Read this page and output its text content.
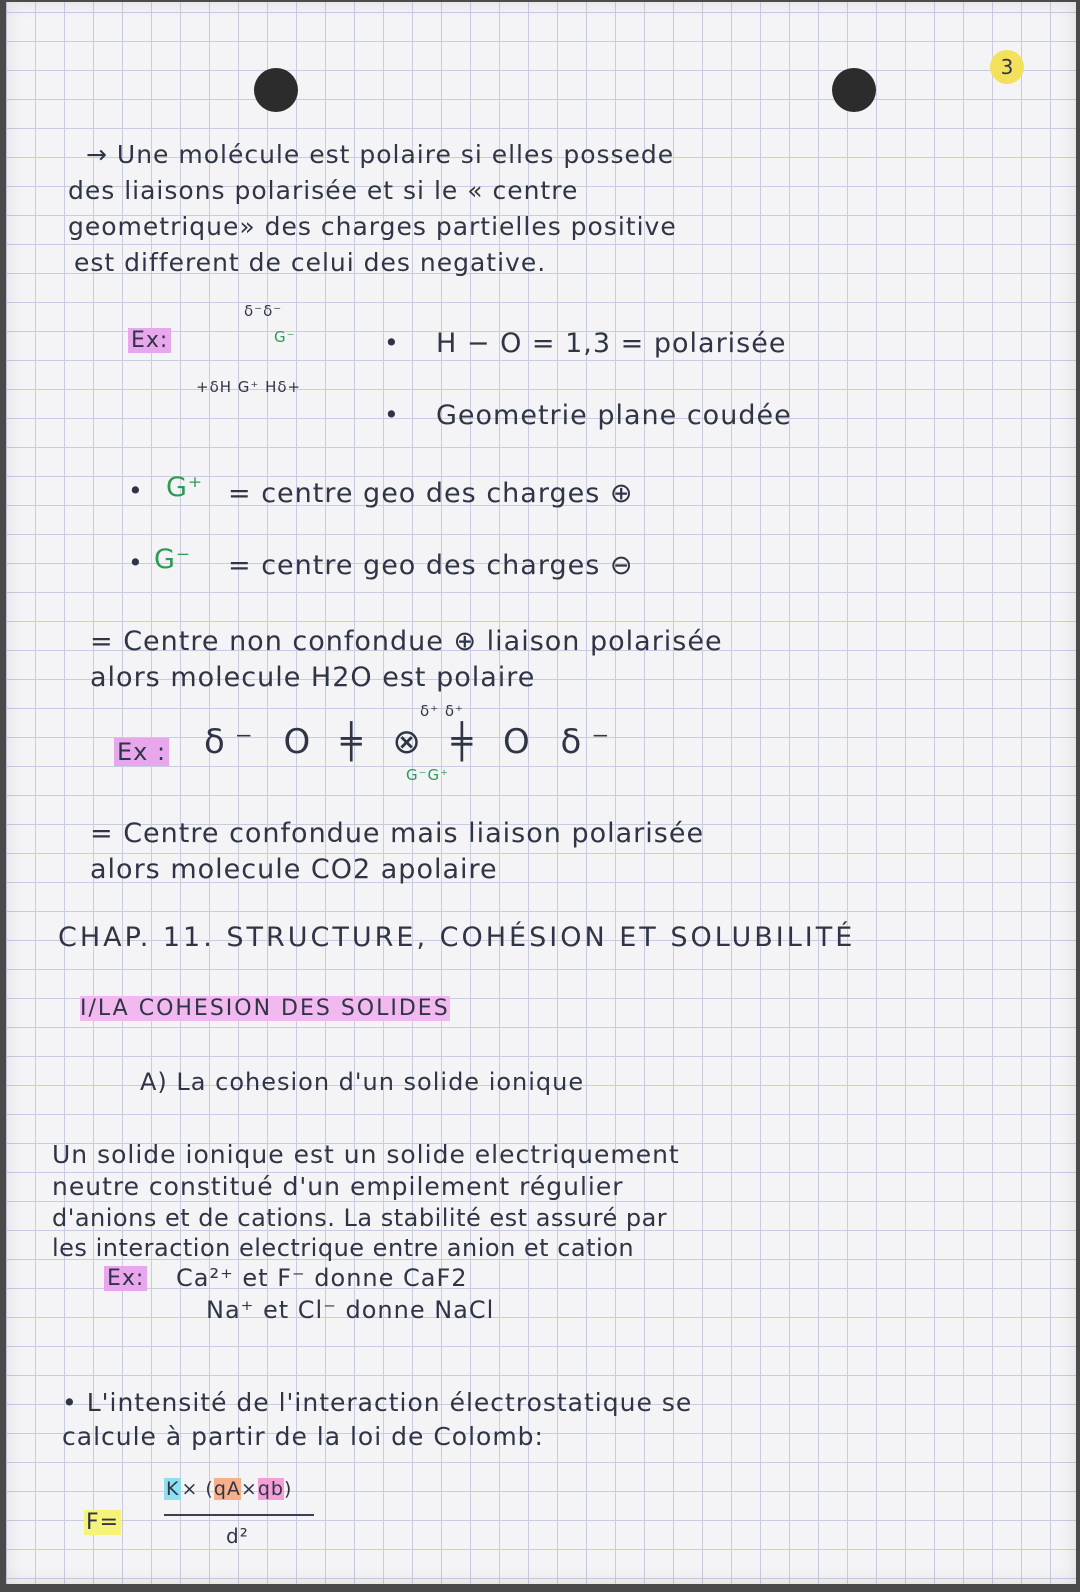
3
→ Une molécule est polaire si elles possede
des liaisons polarisée et si le « centre
geometrique» des charges partielles positive
est different de celui des negative.
Ex:
δ⁻δ⁻
G⁻
+δH G⁺ Hδ+
• H − O = 1,3 = polarisée
• Geometrie plane coudée
• G⁺ = centre geo des charges ⊕
• G⁻ = centre geo des charges ⊖
= Centre non confondue ⊕ liaison polarisée
alors molecule H2O est polaire
Ex :
δ⁺ δ⁺
δ⁻ O ╪ ⊗ ╪ O δ⁻
G⁻G⁺
= Centre confondue mais liaison polarisée
alors molecule CO2 apolaire
CHAP. 11. STRUCTURE, COHÉSION ET SOLUBILITÉ
I/LA COHESION DES SOLIDES
A) La cohesion d'un solide ionique
Un solide ionique est un solide electriquement
neutre constitué d'un empilement régulier
d'anions et de cations. La stabilité est assuré par
les interaction electrique entre anion et cation
Ex: Ca²⁺ et F⁻ donne CaF2
Na⁺ et Cl⁻ donne NaCl
• L'intensité de l'interaction électrostatique se
calcule à partir de la loi de Colomb:
F=
K × (qA×qb)
d²
